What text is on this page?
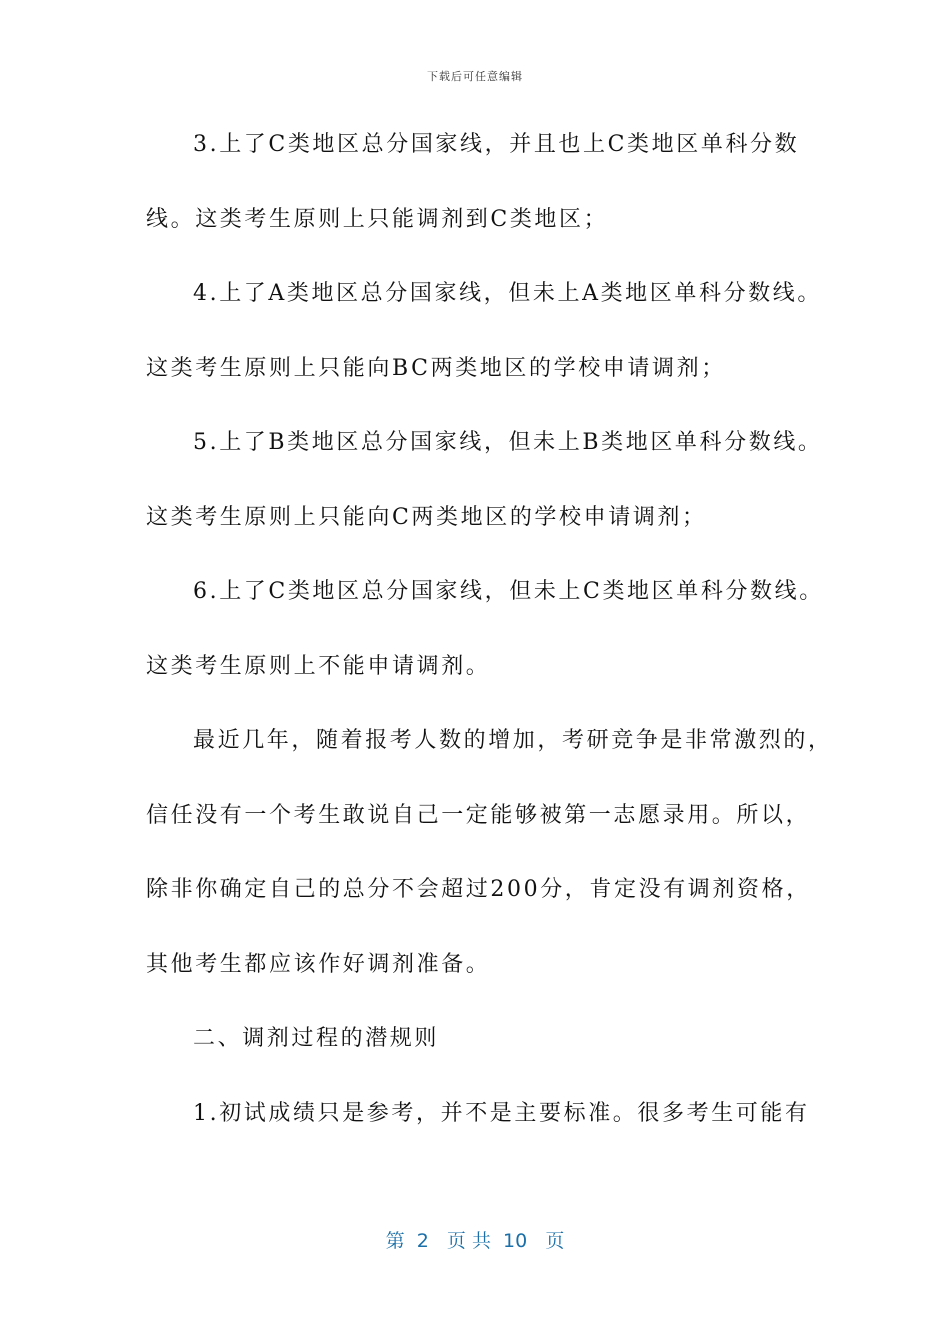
下载后可任意编辑
3.上了C类地区总分国家线，并且也上C类地区单科分数
线。这类考生原则上只能调剂到C类地区；
4.上了A类地区总分国家线，但未上A类地区单科分数线。
这类考生原则上只能向BC两类地区的学校申请调剂；
5.上了B类地区总分国家线，但未上B类地区单科分数线。
这类考生原则上只能向C两类地区的学校申请调剂；
6.上了C类地区总分国家线，但未上C类地区单科分数线。
这类考生原则上不能申请调剂。
最近几年，随着报考人数的增加，考研竞争是非常激烈的，
信任没有一个考生敢说自己一定能够被第一志愿录用。所以，
除非你确定自己的总分不会超过200分，肯定没有调剂资格，
其他考生都应该作好调剂准备。
二、调剂过程的潜规则
1.初试成绩只是参考，并不是主要标准。很多考生可能有
第  2   页 共  10   页
